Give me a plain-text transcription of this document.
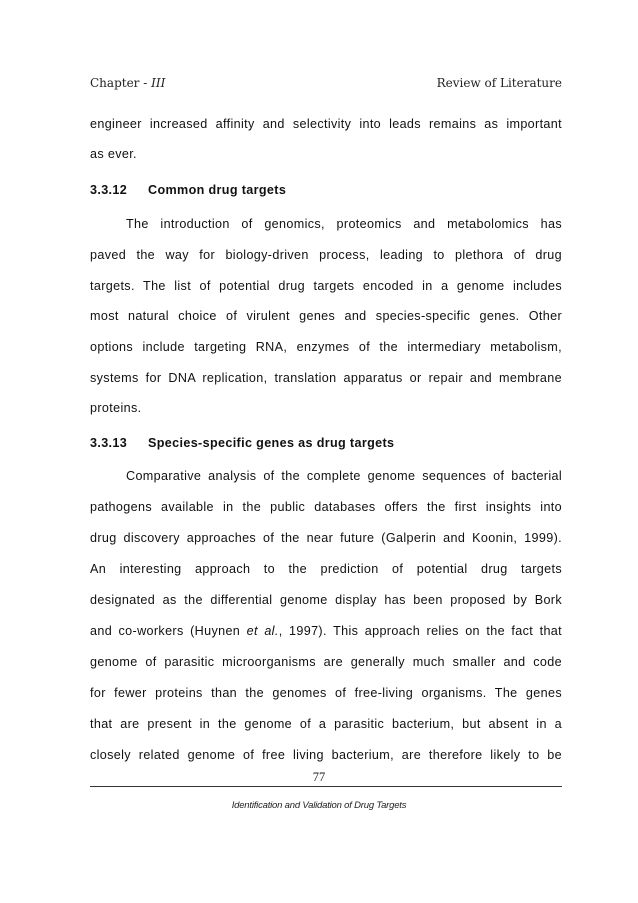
Chapter - III	Review of Literature
engineer increased affinity and selectivity into leads remains as important
as ever.
3.3.12 Common drug targets
The introduction of genomics, proteomics and metabolomics has
paved the way for biology-driven process, leading to plethora of drug
targets. The list of potential drug targets encoded in a genome includes
most natural choice of virulent genes and species-specific genes. Other
options include targeting RNA, enzymes of the intermediary metabolism,
systems for DNA replication, translation apparatus or repair and membrane
proteins.
3.3.13 Species-specific genes as drug targets
Comparative analysis of the complete genome sequences of bacterial
pathogens available in the public databases offers the first insights into
drug discovery approaches of the near future (Galperin and Koonin, 1999).
An interesting approach to the prediction of potential drug targets
designated as the differential genome display has been proposed by Bork
and co-workers (Huynen et al., 1997). This approach relies on the fact that
genome of parasitic microorganisms are generally much smaller and code
for fewer proteins than the genomes of free-living organisms. The genes
that are present in the genome of a parasitic bacterium, but absent in a
closely related genome of free living bacterium, are therefore likely to be
77
Identification and Validation of Drug Targets
